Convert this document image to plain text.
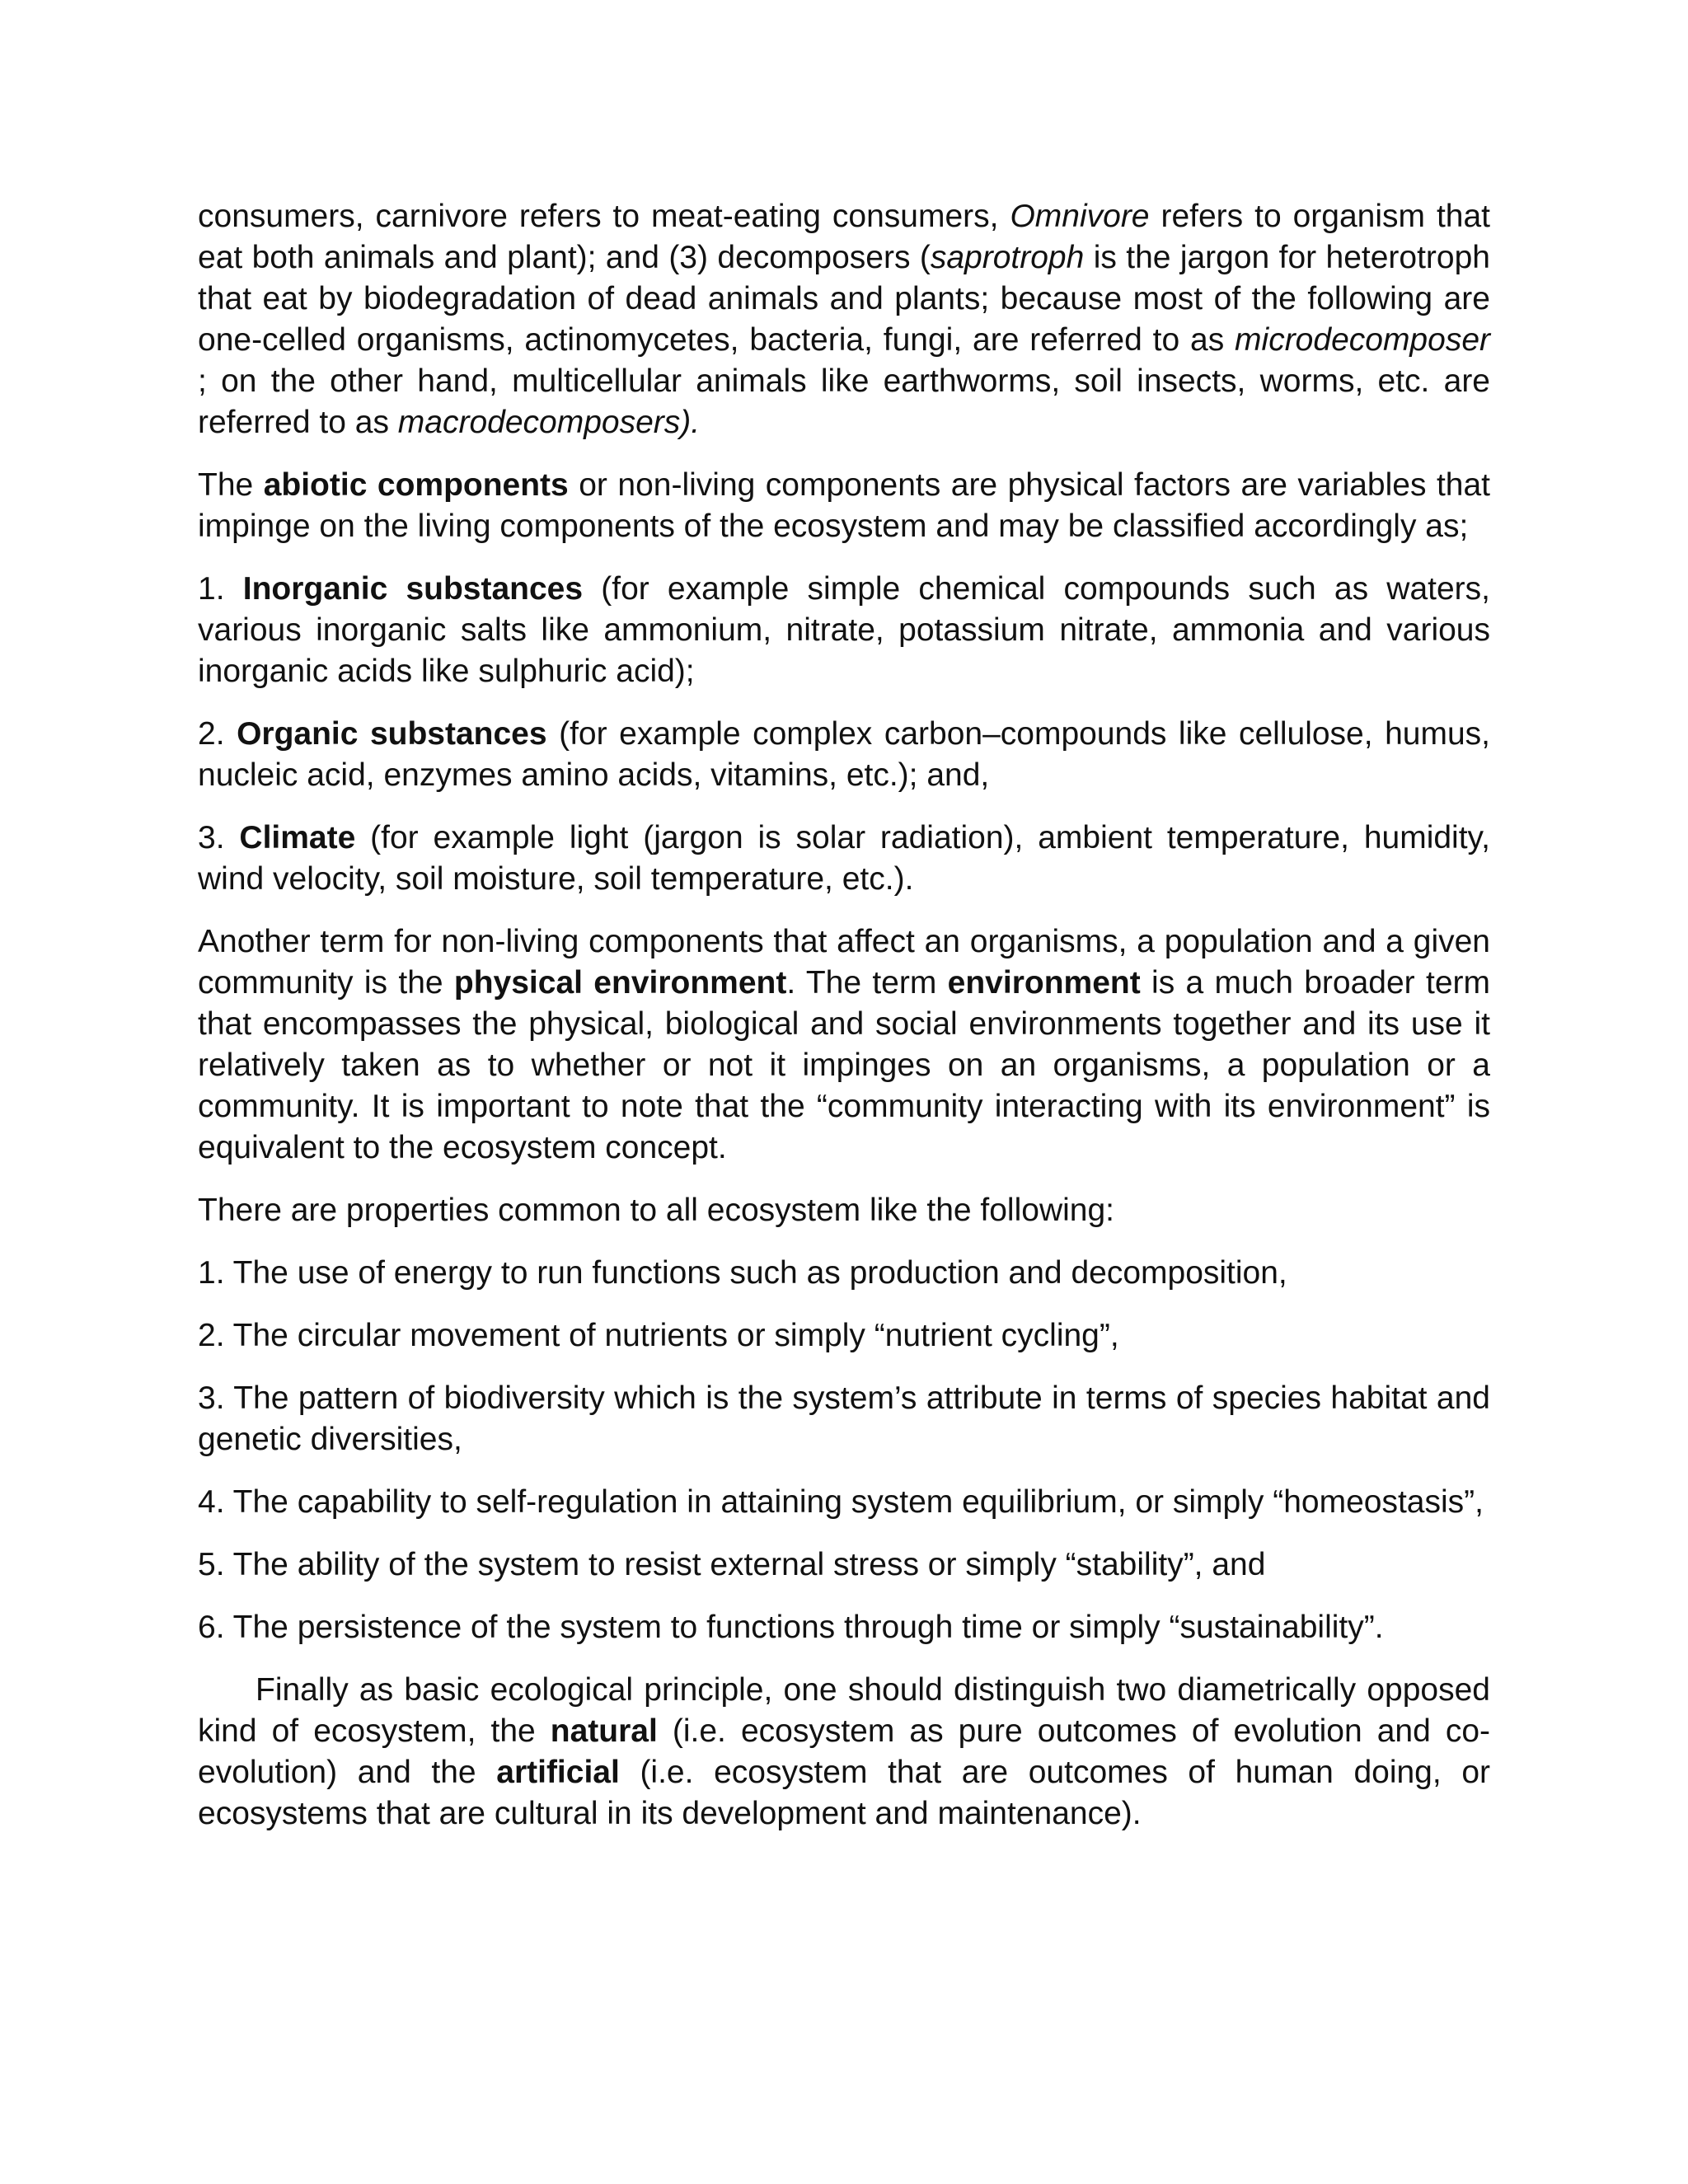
consumers, carnivore refers to meat-eating consumers, Omnivore refers to organism that eat both animals and plant); and (3) decomposers (saprotroph is the jargon for heterotroph that eat by biodegradation of dead animals and plants; because most of the following are one-celled organisms, actinomycetes, bacteria, fungi, are referred to as microdecomposer ; on the other hand, multicellular animals like earthworms, soil insects, worms, etc. are referred to as macrodecomposers).

The abiotic components or non-living components are physical factors are variables that impinge on the living components of the ecosystem and may be classified accordingly as;

1. Inorganic substances (for example simple chemical compounds such as waters, various inorganic salts like ammonium, nitrate, potassium nitrate, ammonia and various inorganic acids like sulphuric acid);

2. Organic substances (for example complex carbon–compounds like cellulose, humus, nucleic acid, enzymes amino acids, vitamins, etc.); and,

3. Climate (for example light (jargon is solar radiation), ambient temperature, humidity, wind velocity, soil moisture, soil temperature, etc.).

Another term for non-living components that affect an organisms, a population and a given community is the physical environment. The term environment is a much broader term that encompasses the physical, biological and social environments together and its use it relatively taken as to whether or not it impinges on an organisms, a population or a community. It is important to note that the “community interacting with its environment” is equivalent to the ecosystem concept.

There are properties common to all ecosystem like the following:

1. The use of energy to run functions such as production and decomposition,

2. The circular movement of nutrients or simply “nutrient cycling”,

3. The pattern of biodiversity which is the system’s attribute in terms of species habitat and genetic diversities,

4. The capability to self-regulation in attaining system equilibrium, or simply “homeostasis”,

5. The ability of the system to resist external stress or simply “stability”, and

6. The persistence of the system to functions through time or simply “sustainability”.

Finally as basic ecological principle, one should distinguish two diametrically opposed kind of ecosystem, the natural (i.e. ecosystem as pure outcomes of evolution and co-evolution) and the artificial (i.e. ecosystem that are outcomes of human doing, or ecosystems that are cultural in its development and maintenance).
